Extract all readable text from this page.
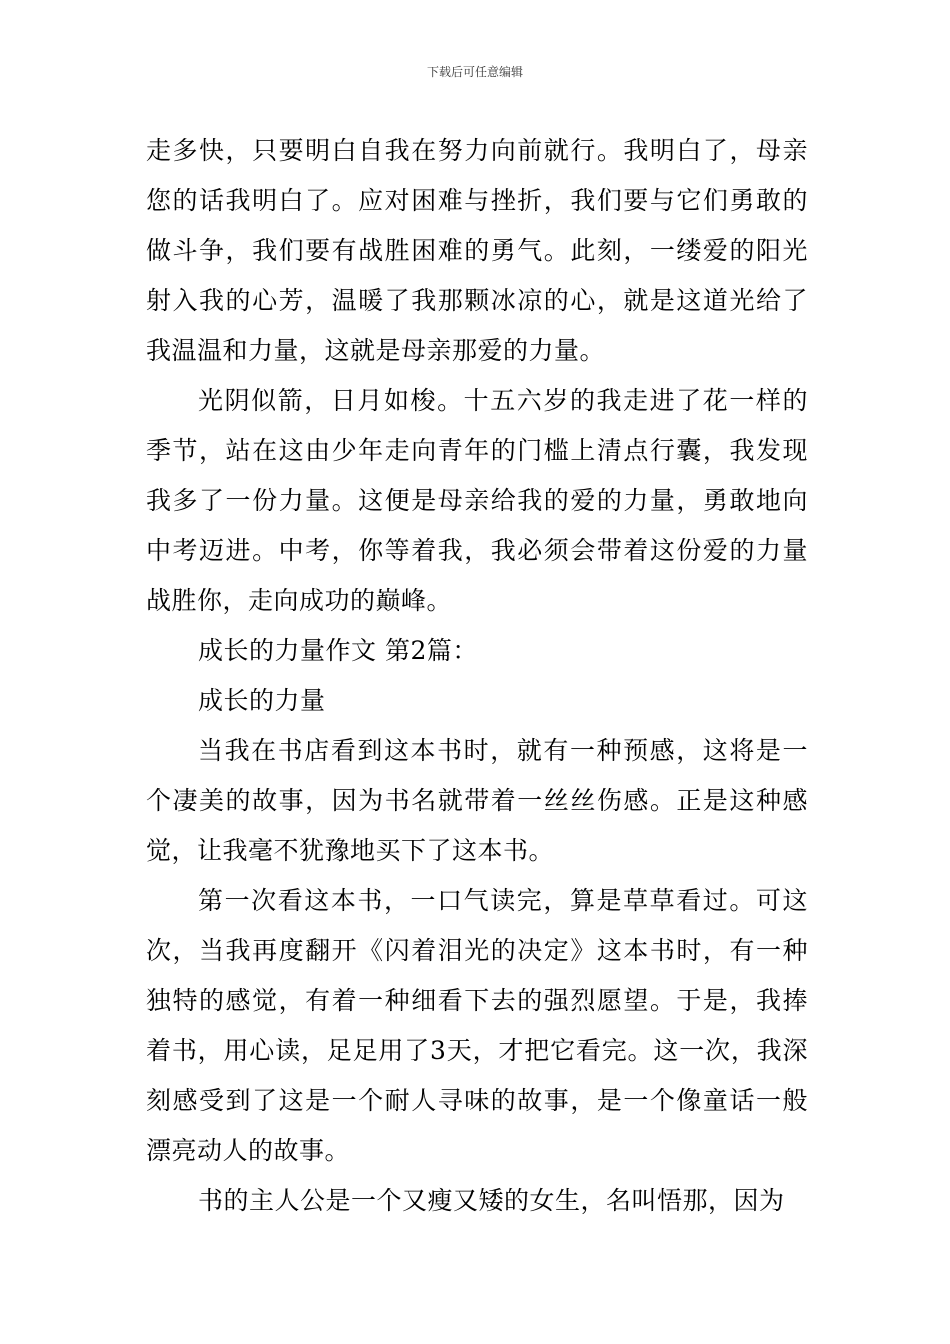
下载后可任意编辑

走多快，只要明白自我在努力向前就行。我明白了，母亲您的话我明白了。应对困难与挫折，我们要与它们勇敢的做斗争，我们要有战胜困难的勇气。此刻，一缕爱的阳光射入我的心芳，温暖了我那颗冰凉的心，就是这道光给了我温温和力量，这就是母亲那爱的力量。

光阴似箭，日月如梭。十五六岁的我走进了花一样的季节，站在这由少年走向青年的门槛上清点行囊，我发现我多了一份力量。这便是母亲给我的爱的力量，勇敢地向中考迈进。中考，你等着我，我必须会带着这份爱的力量战胜你，走向成功的巅峰。

成长的力量作文 第2篇：

成长的力量

当我在书店看到这本书时，就有一种预感，这将是一个凄美的故事，因为书名就带着一丝丝伤感。正是这种感觉，让我毫不犹豫地买下了这本书。

第一次看这本书，一口气读完，算是草草看过。可这次，当我再度翻开《闪着泪光的决定》这本书时，有一种独特的感觉，有着一种细看下去的强烈愿望。于是，我捧着书，用心读，足足用了3天，才把它看完。这一次，我深刻感受到了这是一个耐人寻味的故事，是一个像童话一般漂亮动人的故事。

书的主人公是一个又瘦又矮的女生，名叫悟那，因为
